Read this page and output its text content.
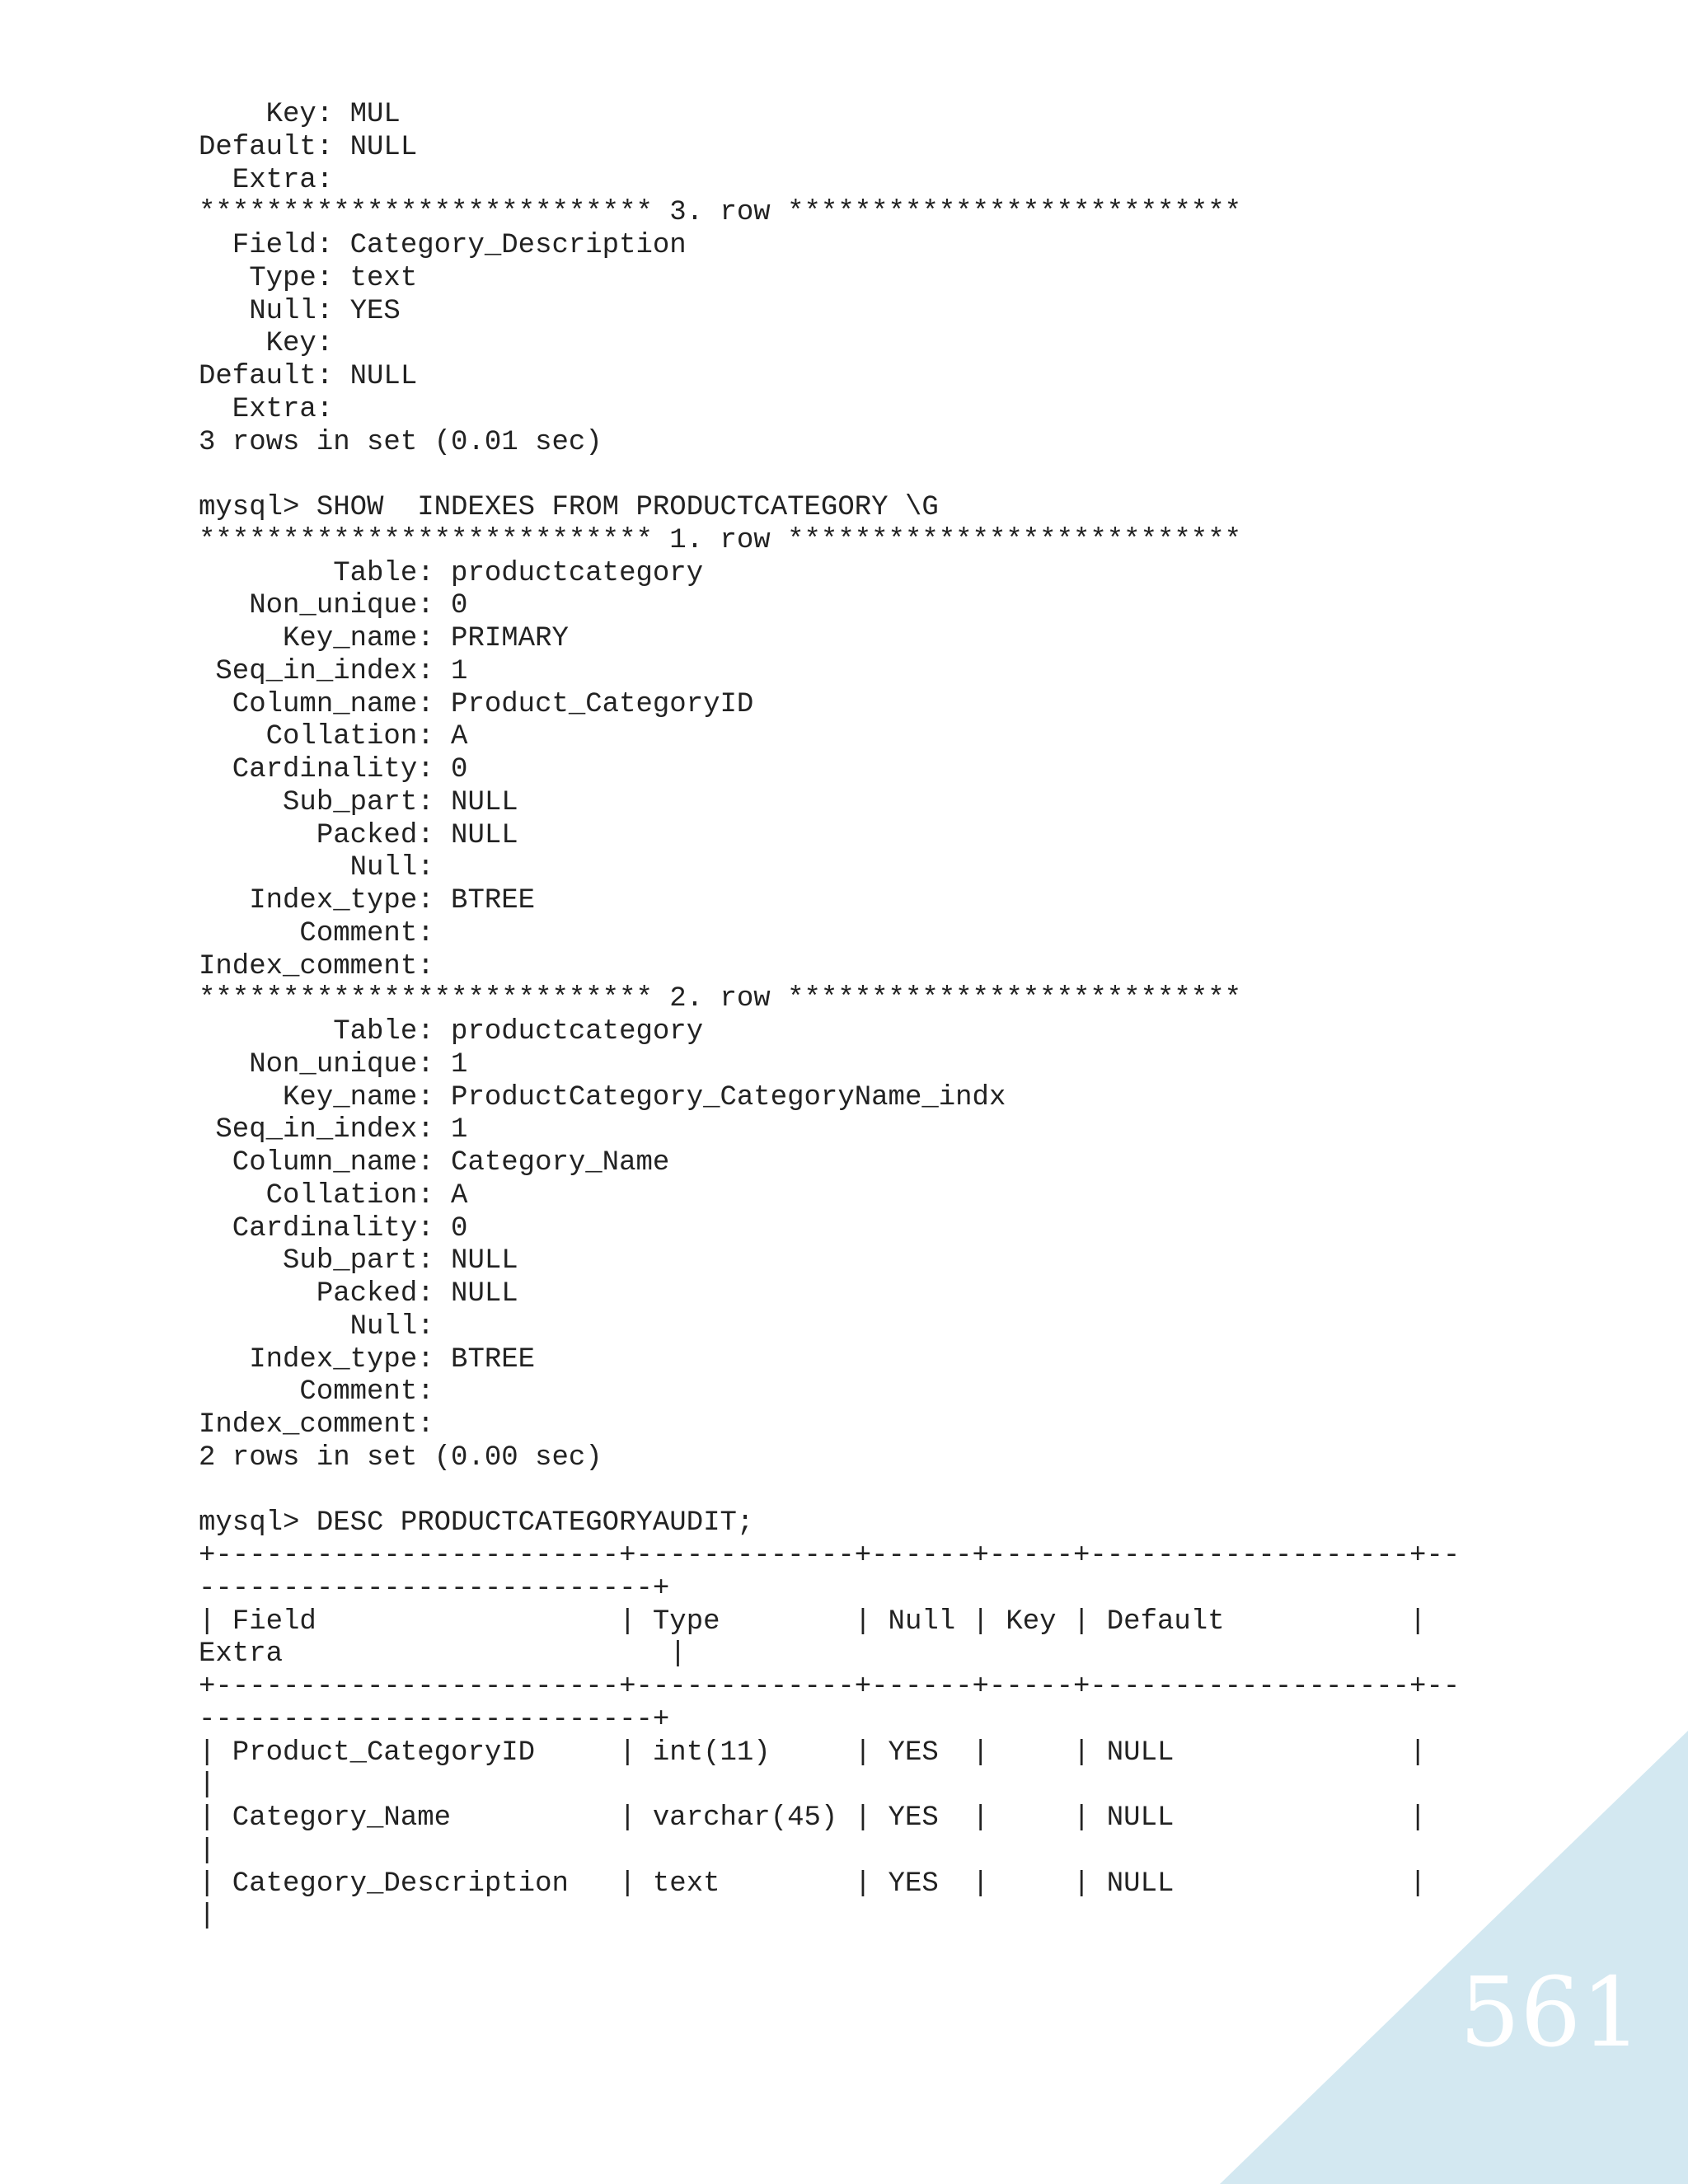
Key: MUL
Default: NULL
Extra:
*************************** 3. row ***************************
Field: Category_Description
Type: text
Null: YES
Key:
Default: NULL
Extra:
3 rows in set (0.01 sec)
mysql> SHOW  INDEXES FROM PRODUCTCATEGORY \G
*************************** 1. row ***************************
Table: productcategory
Non_unique: 0
Key_name: PRIMARY
Seq_in_index: 1
Column_name: Product_CategoryID
Collation: A
Cardinality: 0
Sub_part: NULL
Packed: NULL
Null:
Index_type: BTREE
Comment:
Index_comment:
*************************** 2. row ***************************
Table: productcategory
Non_unique: 1
Key_name: ProductCategory_CategoryName_indx
Seq_in_index: 1
Column_name: Category_Name
Collation: A
Cardinality: 0
Sub_part: NULL
Packed: NULL
Null:
Index_type: BTREE
Comment:
Index_comment:
2 rows in set (0.00 sec)
mysql> DESC PRODUCTCATEGORYAUDIT;
+------------------------+-------------+------+-----+-------------------+--
---------------------------+
| Field                  | Type        | Null | Key | Default           |
Extra                       |
+------------------------+-------------+------+-----+-------------------+--
---------------------------+
| Product_CategoryID     | int(11)     | YES  |     | NULL              |
|
| Category_Name          | varchar(45) | YES  |     | NULL              |
|
| Category_Description   | text        | YES  |     | NULL              |
|
561
